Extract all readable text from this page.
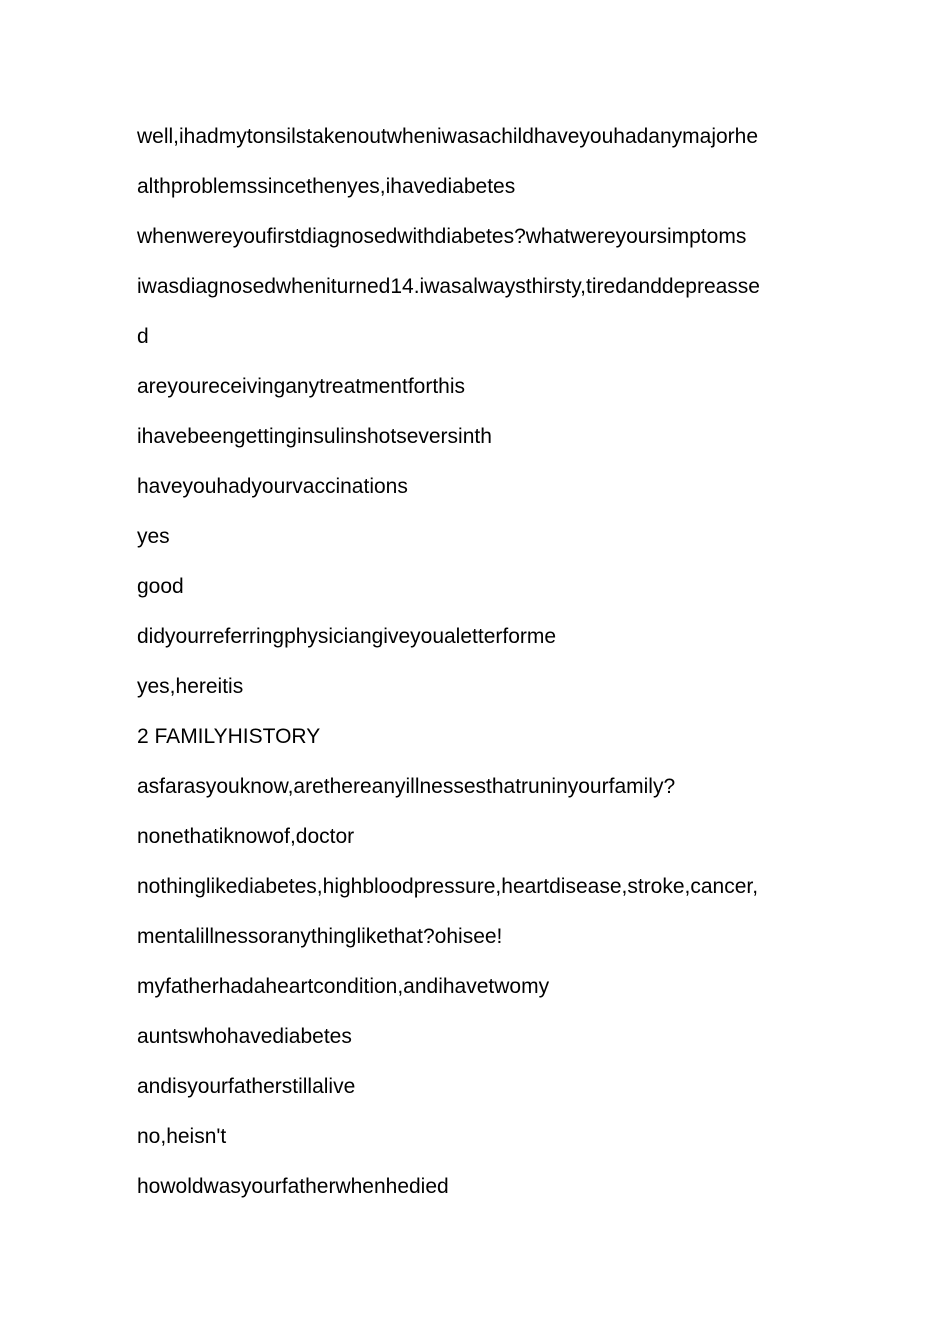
well,ihadmytonsilstakenoutwheniwasachildhaveyouhadanymajorhe
althproblemssincethenyes,ihavediabetes
whenwereyoufirstdiagnosedwithdiabetes?whatwereyoursimptoms
iwasdiagnosedwheniturned14.iwasalwaysthirsty,tiredanddepreasse
d
areyoureceivinganytreatmentforthis
ihavebeengettinginsulinshotseversinth
haveyouhadyourvaccinations
yes
good
didyourreferringphysiciangiveyoualetterforme
yes,hereitis
2 FAMILYHISTORY
asfarasyouknow,arethereanyillnessesthatruninyourfamily?
nonethatiknowof,doctor
nothinglikediabetes,highbloodpressure,heartdisease,stroke,cancer,
mentalillnessoranythinglikethat?ohisee!
myfatherhadaheartcondition,andihavetwomy
auntswhohavediabetes
andisyourfatherstillalive
no,heisn't
howoldwasyourfatherwhenhedied
